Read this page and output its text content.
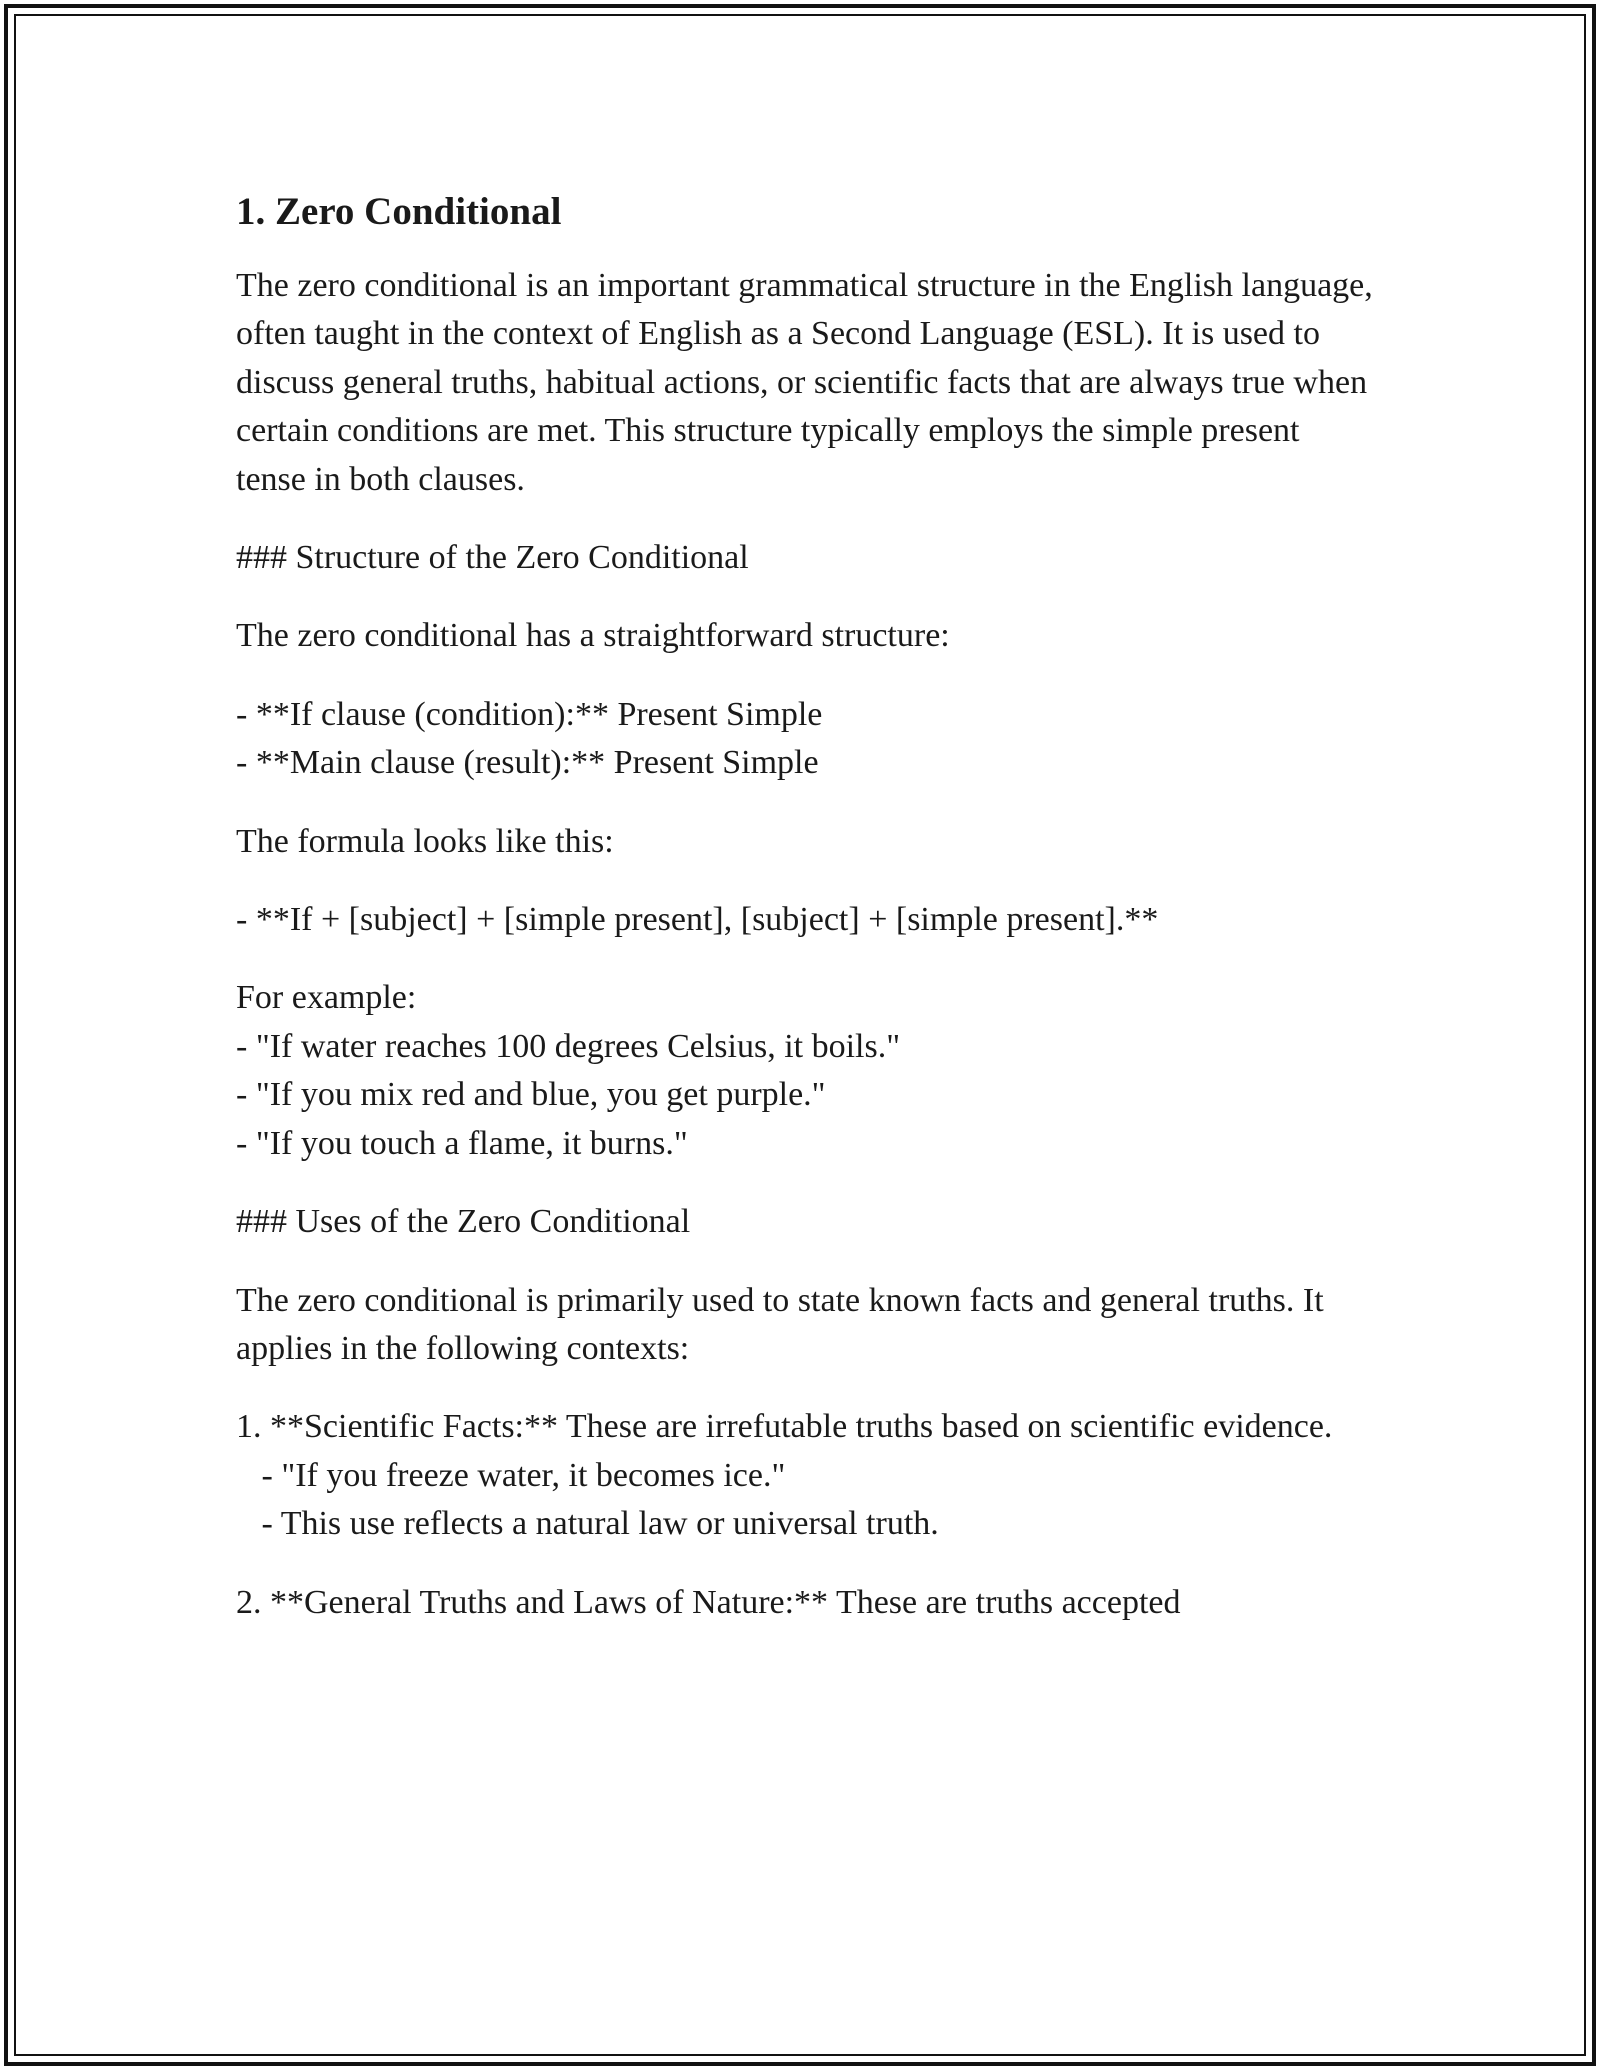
1. Zero Conditional

The zero conditional is an important grammatical structure in the English language, often taught in the context of English as a Second Language (ESL). It is used to discuss general truths, habitual actions, or scientific facts that are always true when certain conditions are met. This structure typically employs the simple present tense in both clauses.

### Structure of the Zero Conditional

The zero conditional has a straightforward structure:

- **If clause (condition):** Present Simple

- **Main clause (result):** Present Simple

The formula looks like this:

- **If + [subject] + [simple present], [subject] + [simple present].**

For example:

- "If water reaches 100 degrees Celsius, it boils."

- "If you mix red and blue, you get purple."

- "If you touch a flame, it burns."

### Uses of the Zero Conditional

The zero conditional is primarily used to state known facts and general truths. It applies in the following contexts:

1. **Scientific Facts:** These are irrefutable truths based on scientific evidence.

- "If you freeze water, it becomes ice."

- This use reflects a natural law or universal truth.

2. **General Truths and Laws of Nature:** These are truths accepted
